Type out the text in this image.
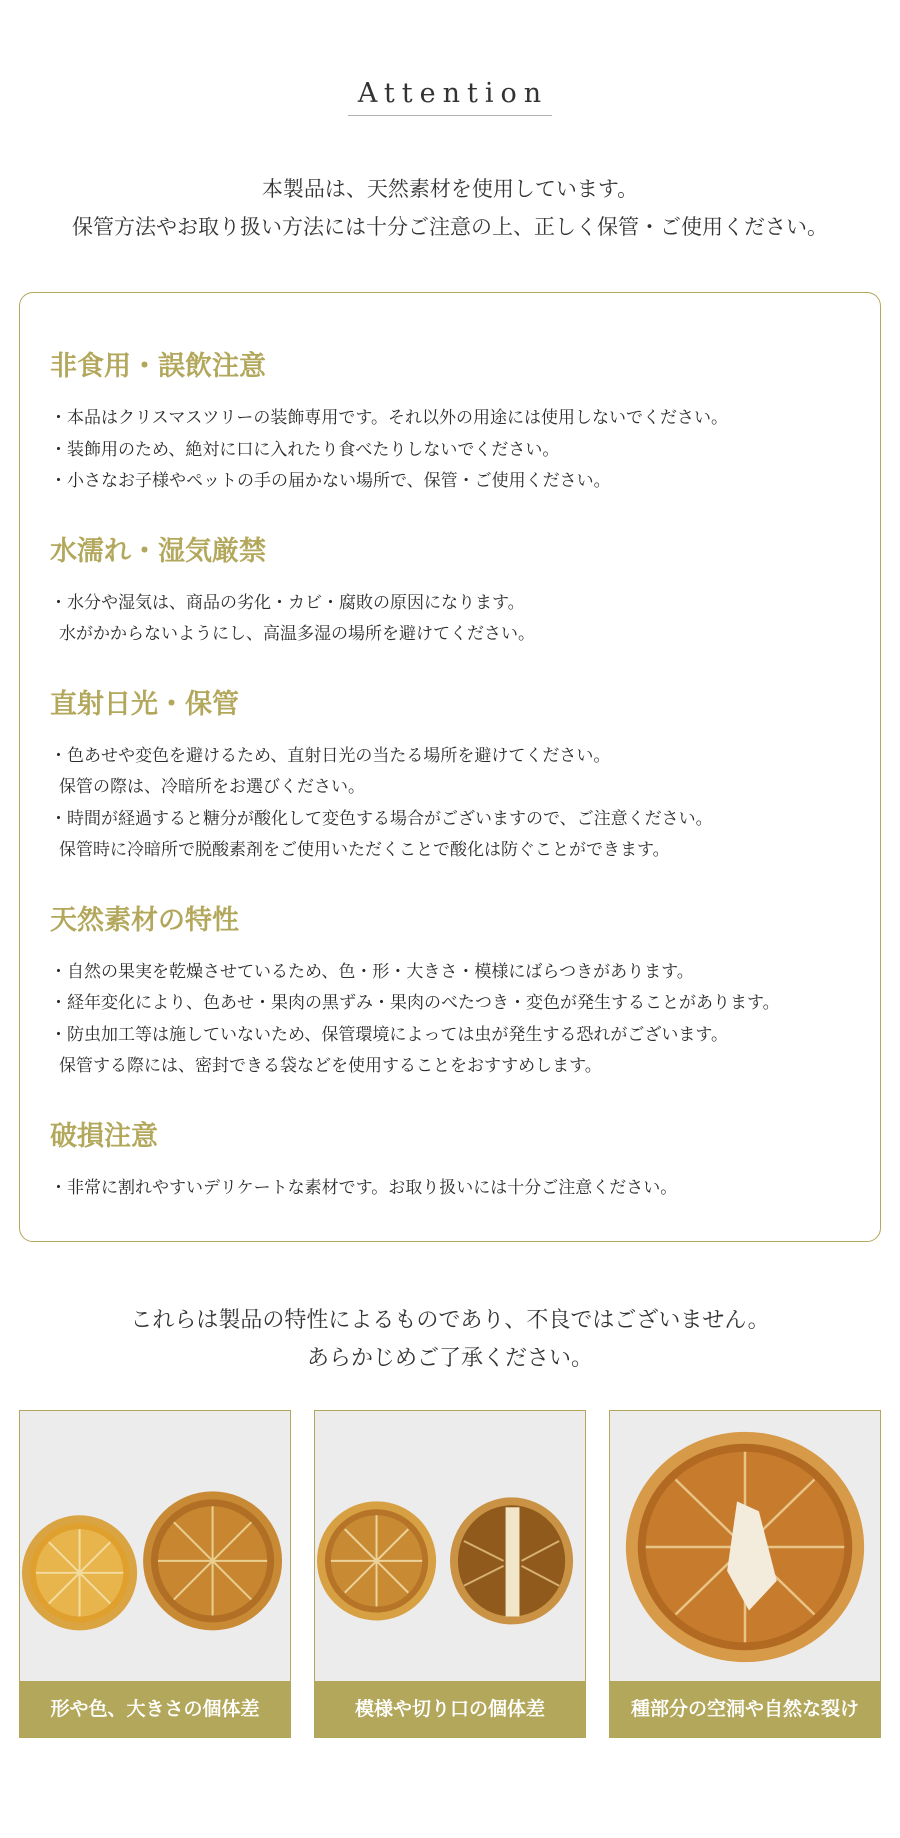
Attention
本製品は、天然素材を使用しています。
保管方法やお取り扱い方法には十分ご注意の上、正しく保管・ご使用ください。
非食用・誤飲注意
・本品はクリスマスツリーの装飾専用です。それ以外の用途には使用しないでください。
・装飾用のため、絶対に口に入れたり食べたりしないでください。
・小さなお子様やペットの手の届かない場所で、保管・ご使用ください。
水濡れ・湿気厳禁
・水分や湿気は、商品の劣化・カビ・腐敗の原因になります。
水がかからないようにし、高温多湿の場所を避けてください。
直射日光・保管
・色あせや変色を避けるため、直射日光の当たる場所を避けてください。
保管の際は、冷暗所をお選びください。
・時間が経過すると糖分が酸化して変色する場合がございますので、ご注意ください。
保管時に冷暗所で脱酸素剤をご使用いただくことで酸化は防ぐことができます。
天然素材の特性
・自然の果実を乾燥させているため、色・形・大きさ・模様にばらつきがあります。
・経年変化により、色あせ・果肉の黒ずみ・果肉のべたつき・変色が発生することがあります。
・防虫加工等は施していないため、保管環境によっては虫が発生する恐れがございます。
保管する際には、密封できる袋などを使用することをおすすめします。
破損注意
・非常に割れやすいデリケートな素材です。お取り扱いには十分ご注意ください。
これらは製品の特性によるものであり、不良ではございません。
あらかじめご了承ください。
形や色、大きさの個体差	模様や切り口の個体差	種部分の空洞や自然な裂け
